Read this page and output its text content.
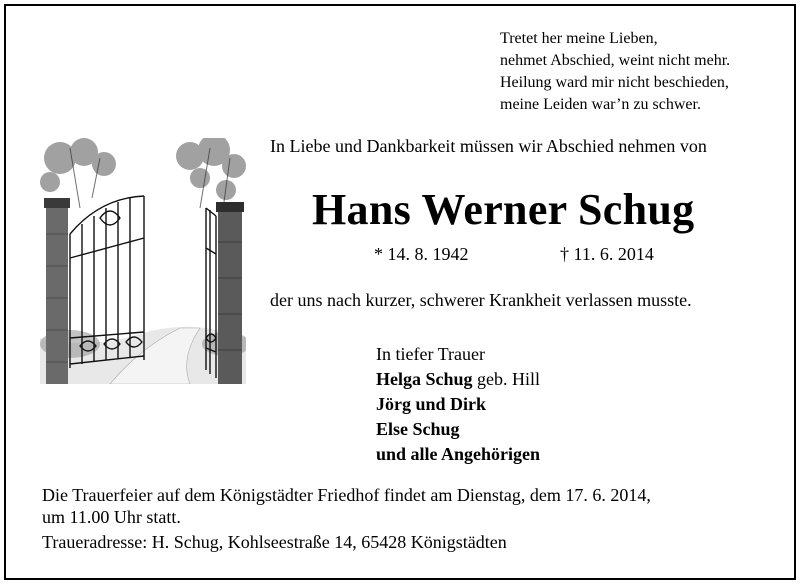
Tretet her meine Lieben,
nehmet Abschied, weint nicht mehr.
Heilung ward mir nicht beschieden,
meine Leiden war’n zu schwer.
In Liebe und Dankbarkeit müssen wir Abschied nehmen von
Hans Werner Schug
* 14. 8. 1942	† 11. 6. 2014
der uns nach kurzer, schwerer Krankheit verlassen musste.
In tiefer Trauer
Helga Schug geb. Hill
Jörg und Dirk
Else Schug
und alle Angehörigen
Die Trauerfeier auf dem Königstädter Friedhof findet am Dienstag, dem 17. 6. 2014,
um 11.00 Uhr statt.
Traueradresse: H. Schug, Kohlseestraße 14, 65428 Königstädten
